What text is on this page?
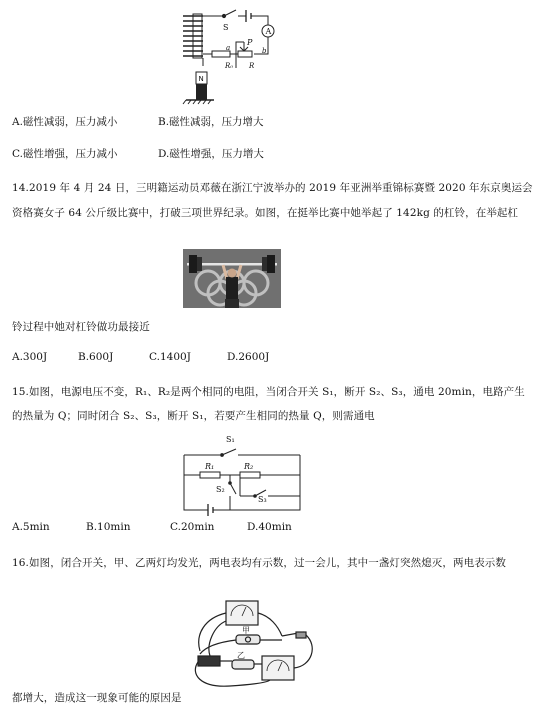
S	A
a
P
b
R₀ R
N
A.磁性减弱，压力减小	B.磁性减弱，压力增大
C.磁性增强，压力减小	D.磁性增强，压力增大
14.2019 年 4 月 24 日，三明籍运动员邓薇在浙江宁波举办的 2019 年亚洲举重锦标赛暨 2020 年东京奥运会
资格赛女子 64 公斤级比赛中，打破三项世界纪录。如图，在挺举比赛中她举起了 142kg 的杠铃，在举起杠
铃过程中她对杠铃做功最接近
A.300J	B.600J	C.1400J	D.2600J
15.如图，电源电压不变，R₁、R₂是两个相同的电阻，当闭合开关 S₁，断开 S₂、S₃，通电 20min，电路产生
的热量为 Q；同时闭合 S₂、S₃，断开 S₁，若要产生相同的热量 Q，则需通电
S₁
R₁	R₂
S₂
S₃
A.5min	B.10min	C.20min	D.40min
16.如图，闭合开关，甲、乙两灯均发光，两电表均有示数，过一会儿，其中一盏灯突然熄灭，两电表示数
甲
乙
都增大，造成这一现象可能的原因是
